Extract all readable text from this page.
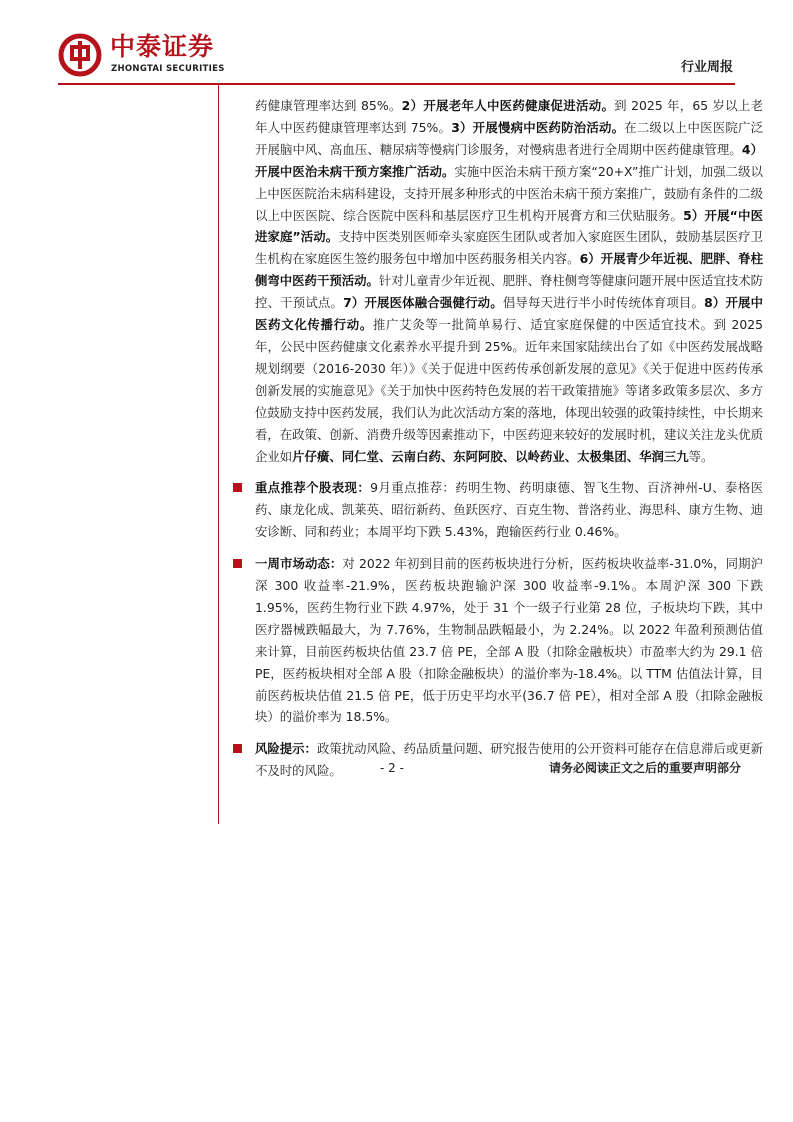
中泰证券
ZHONGTAI SECURITIES	行业周报

药健康管理率达到 85%。2）开展老年人中医药健康促进活动。到 2025 年，65 岁以上老年人中医药健康管理率达到 75%。3）开展慢病中医药防治活动。在二级以上中医医院广泛开展脑中风、高血压、糖尿病等慢病门诊服务，对慢病患者进行全周期中医药健康管理。4）开展中医治未病干预方案推广活动。实施中医治未病干预方案“20+X”推广计划，加强二级以上中医医院治未病科建设，支持开展多种形式的中医治未病干预方案推广，鼓励有条件的二级以上中医医院、综合医院中医科和基层医疗卫生机构开展膏方和三伏贴服务。5）开展“中医进家庭”活动。支持中医类别医师牵头家庭医生团队或者加入家庭医生团队，鼓励基层医疗卫生机构在家庭医生签约服务包中增加中医药服务相关内容。6）开展青少年近视、肥胖、脊柱侧弯中医药干预活动。针对儿童青少年近视、肥胖、脊柱侧弯等健康问题开展中医适宜技术防控、干预试点。7）开展医体融合强健行动。倡导每天进行半小时传统体育项目。8）开展中医药文化传播行动。推广艾灸等一批简单易行、适宜家庭保健的中医适宜技术。到 2025 年，公民中医药健康文化素养水平提升到 25%。近年来国家陆续出台了如《中医药发展战略规划纲要（2016-2030 年）》《关于促进中医药传承创新发展的意见》《关于促进中医药传承创新发展的实施意见》《关于加快中医药特色发展的若干政策措施》等诸多政策多层次、多方位鼓励支持中医药发展，我们认为此次活动方案的落地，体现出较强的政策持续性，中长期来看，在政策、创新、消费升级等因素推动下，中医药迎来较好的发展时机，建议关注龙头优质企业如片仔癀、同仁堂、云南白药、东阿阿胶、以岭药业、太极集团、华润三九等。

重点推荐个股表现：9月重点推荐：药明生物、药明康德、智飞生物、百济神州-U、泰格医药、康龙化成、凯莱英、昭衍新药、鱼跃医疗、百克生物、普洛药业、海思科、康方生物、迪安诊断、同和药业；本周平均下跌 5.43%，跑输医药行业 0.46%。

一周市场动态：对 2022 年初到目前的医药板块进行分析，医药板块收益率-31.0%，同期沪深 300 收益率-21.9%，医药板块跑输沪深 300 收益率-9.1%。本周沪深 300 下跌 1.95%，医药生物行业下跌 4.97%，处于 31 个一级子行业第 28 位，子板块均下跌，其中医疗器械跌幅最大，为 7.76%，生物制品跌幅最小，为 2.24%。以 2022 年盈利预测估值来计算，目前医药板块估值 23.7 倍 PE，全部 A 股（扣除金融板块）市盈率大约为 29.1 倍 PE，医药板块相对全部 A 股（扣除金融板块）的溢价率为-18.4%。以 TTM 估值法计算，目前医药板块估值 21.5 倍 PE，低于历史平均水平(36.7 倍 PE），相对全部 A 股（扣除金融板块）的溢价率为 18.5%。

风险提示：政策扰动风险、药品质量问题、研究报告使用的公开资料可能存在信息滞后或更新不及时的风险。	- 2 -	请务必阅读正文之后的重要声明部分
